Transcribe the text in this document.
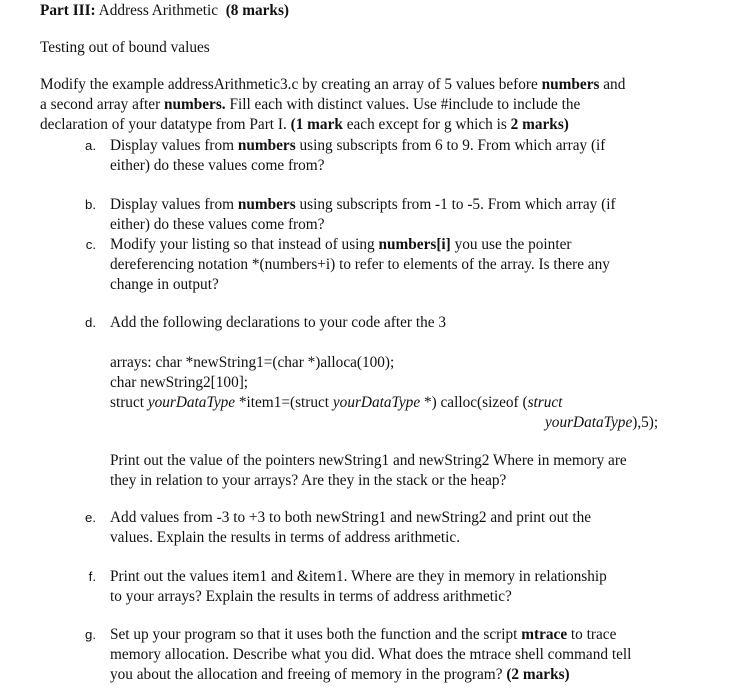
Part III: Address Arithmetic (8 marks)
Testing out of bound values
Modify the example addressArithmetic3.c by creating an array of 5 values before numbers and
a second array after numbers. Fill each with distinct values. Use #include to include the
declaration of your datatype from Part I. (1 mark each except for g which is 2 marks)
a. Display values from numbers using subscripts from 6 to 9. From which array (if
either) do these values come from?
b. Display values from numbers using subscripts from -1 to -5. From which array (if
either) do these values come from?
c. Modify your listing so that instead of using numbers[i] you use the pointer
dereferencing notation *(numbers+i) to refer to elements of the array. Is there any
change in output?
d. Add the following declarations to your code after the 3
arrays: char *newString1=(char *)alloca(100);
char newString2[100];
struct yourDataType *item1=(struct yourDataType *) calloc(sizeof (struct
yourDataType),5);
Print out the value of the pointers newString1 and newString2 Where in memory are
they in relation to your arrays? Are they in the stack or the heap?
e. Add values from -3 to +3 to both newString1 and newString2 and print out the
values. Explain the results in terms of address arithmetic.
f. Print out the values item1 and &item1. Where are they in memory in relationship
to your arrays? Explain the results in terms of address arithmetic?
g. Set up your program so that it uses both the function and the script mtrace to trace
memory allocation. Describe what you did. What does the mtrace shell command tell
you about the allocation and freeing of memory in the program? (2 marks)
